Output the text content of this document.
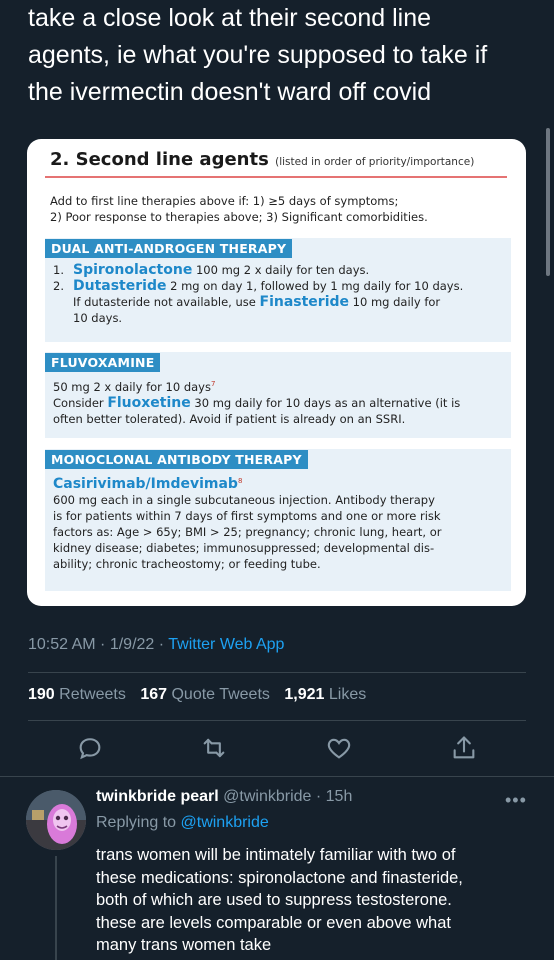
take a close look at their second line
agents, ie what you're supposed to take if
the ivermectin doesn't ward off covid
2. Second line agents (listed in order of priority/importance)
Add to first line therapies above if: 1) ≥5 days of symptoms;
2) Poor response to therapies above; 3) Significant comorbidities.
DUAL ANTI-ANDROGEN THERAPY
1. Spironolactone 100 mg 2 x daily for ten days.
2. Dutasteride 2 mg on day 1, followed by 1 mg daily for 10 days.
If dutasteride not available, use Finasteride 10 mg daily for
10 days.
FLUVOXAMINE
50 mg 2 x daily for 10 days$^7$
Consider Fluoxetine 30 mg daily for 10 days as an alternative (it is
often better tolerated). Avoid if patient is already on an SSRI.
MONOCLONAL ANTIBODY THERAPY
Casirivimab/Imdevimab$^8$
600 mg each in a single subcutaneous injection. Antibody therapy
is for patients within 7 days of first symptoms and one or more risk
factors as: Age > 65y; BMI > 25; pregnancy; chronic lung, heart, or
kidney disease; diabetes; immunosuppressed; developmental dis-
ability; chronic tracheostomy; or feeding tube.
10:52 AM · 1/9/22 · Twitter Web App
190 Retweets 167 Quote Tweets 1,921 Likes
twinkbride pearl @twinkbride · 15h	•••
Replying to @twinkbride
trans women will be intimately familiar with two of
these medications: spironolactone and finasteride,
both of which are used to suppress testosterone.
these are levels comparable or even above what
many trans women take
